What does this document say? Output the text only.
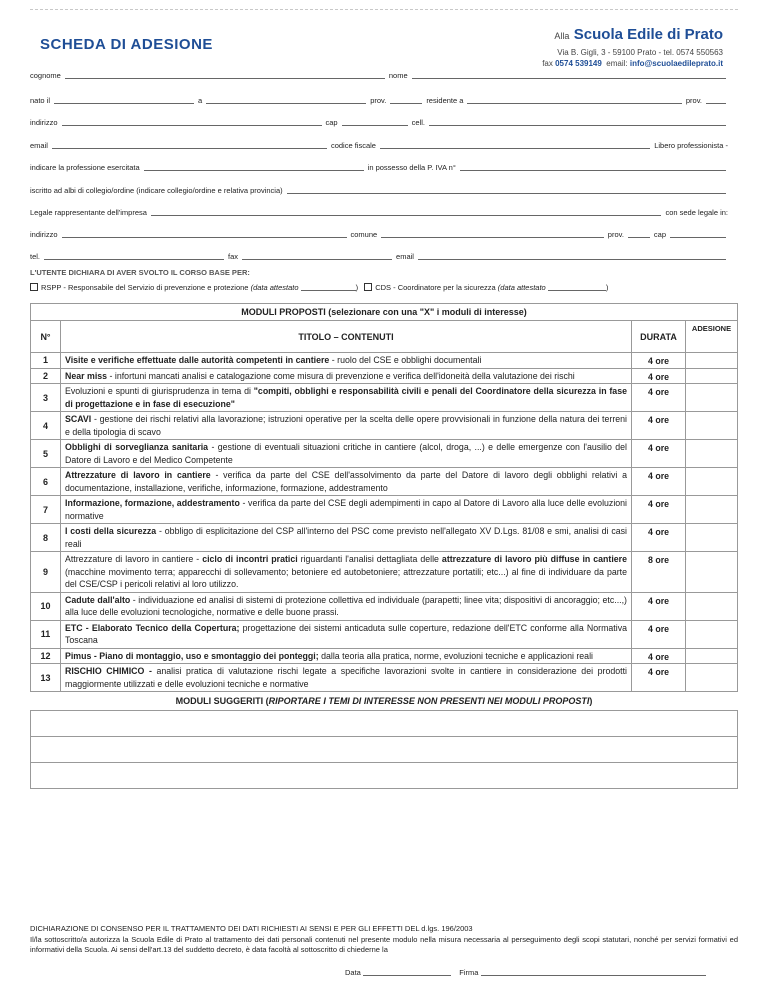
SCHEDA DI ADESIONE	Alla Scuola Edile di Prato
Via B. Gigli, 3 - 59100 Prato - tel. 0574 550563
fax 0574 539149 email: info@scuolaedileprato.it
cognome	nome
nato il	a	prov.	residente a	prov.
indirizzo	cap	cell.
email	codice fiscale	Libero professionista -
indicare la professione esercitata	in possesso della P. IVA n°
iscritto ad albi di collegio/ordine (indicare collegio/ordine e relativa provincia)
Legale rappresentante dell'impresa	con sede legale in:
indirizzo	comune	prov.	cap
tel.	fax	email
L'UTENTE DICHIARA DI AVER SVOLTO IL CORSO BASE PER:
RSPP - Responsabile del Servizio di prevenzione e protezione (data attestato	) CDS - Coordinatore per la sicurezza (data attestato	)
MODULI PROPOSTI (selezionare con una "X" i moduli di interesse)			
N°	TITOLO – CONTENUTI	DURATA	ADESIONE
1	Visite e verifiche effettuate dalle autorità competenti in cantiere - ruolo del CSE e obblighi documentali	4 ore	
2	Near miss - infortuni mancati analisi e catalogazione come misura di prevenzione e verifica dell'idoneità della valutazione dei rischi	4 ore	
3	Evoluzioni e spunti di giurisprudenza in tema di "compiti, obblighi e responsabilità civili e penali del Coordinatore della sicurezza in fase di progettazione e in fase di esecuzione"	4 ore	
4	SCAVI - gestione dei rischi relativi alla lavorazione; istruzioni operative per la scelta delle opere provvisionali in funzione della natura dei terreni e della tipologia di scavo	4 ore	
5	Obblighi di sorveglianza sanitaria - gestione di eventuali situazioni critiche in cantiere (alcol, droga, ...) e delle emergenze con l'ausilio del Datore di Lavoro e del Medico Competente	4 ore	
6	Attrezzature di lavoro in cantiere - verifica da parte del CSE dell'assolvimento da parte del Datore di lavoro degli obblighi relativi a documentazione, installazione, verifiche, informazione, formazione, addestramento	4 ore	
7	Informazione, formazione, addestramento - verifica da parte del CSE degli adempimenti in capo al Datore di Lavoro alla luce delle evoluzioni normative	4 ore	
8	I costi della sicurezza - obbligo di esplicitazione del CSP all'interno del PSC come previsto nell'allegato XV D.Lgs. 81/08 e smi, analisi di casi reali	4 ore	
9	Attrezzature di lavoro in cantiere - ciclo di incontri pratici riguardanti l'analisi dettagliata delle attrezzature di lavoro più diffuse in cantiere (macchine movimento terra; apparecchi di sollevamento; betoniere ed autobetoniere; attrezzature portatili; etc...) al fine di individuare da parte del CSE/CSP i pericoli relativi al loro utilizzo.	8 ore	
10	Cadute dall'alto - individuazione ed analisi di sistemi di protezione collettiva ed individuale (parapetti; linee vita; dispositivi di ancoraggio; etc...,) alla luce delle evoluzioni tecnologiche, normative e delle buone prassi.	4 ore	
11	ETC - Elaborato Tecnico della Copertura; progettazione dei sistemi anticaduta sulle coperture, redazione dell'ETC conforme alla Normativa Toscana	4 ore	
12	Pimus - Piano di montaggio, uso e smontaggio dei ponteggi; dalla teoria alla pratica, norme, evoluzioni tecniche e applicazioni reali	4 ore	
13	RISCHIO CHIMICO - analisi pratica di valutazione rischi legate a specifiche lavorazioni svolte in cantiere in considerazione dei prodotti maggiormente utilizzati e delle evoluzioni tecniche e normative	4 ore	
MODULI SUGGERITI (RIPORTARE I TEMI DI INTERESSE NON PRESENTI NEI MODULI PROPOSTI)			

DICHIARAZIONE DI CONSENSO PER IL TRATTAMENTO DEI DATI RICHIESTI AI SENSI E PER GLI EFFETTI DEL d.lgs. 196/2003
Il/la sottoscritto/a autorizza la Scuola Edile di Prato al trattamento dei dati personali contenuti nel presente modulo nella misura necessaria al perseguimento degli scopi statutari, nonché per servizi formativi ed informativi della Scuola. Ai sensi dell'art.13 del suddetto decreto, è data facoltà al sottoscritto di chiederne la
Data	Firma
